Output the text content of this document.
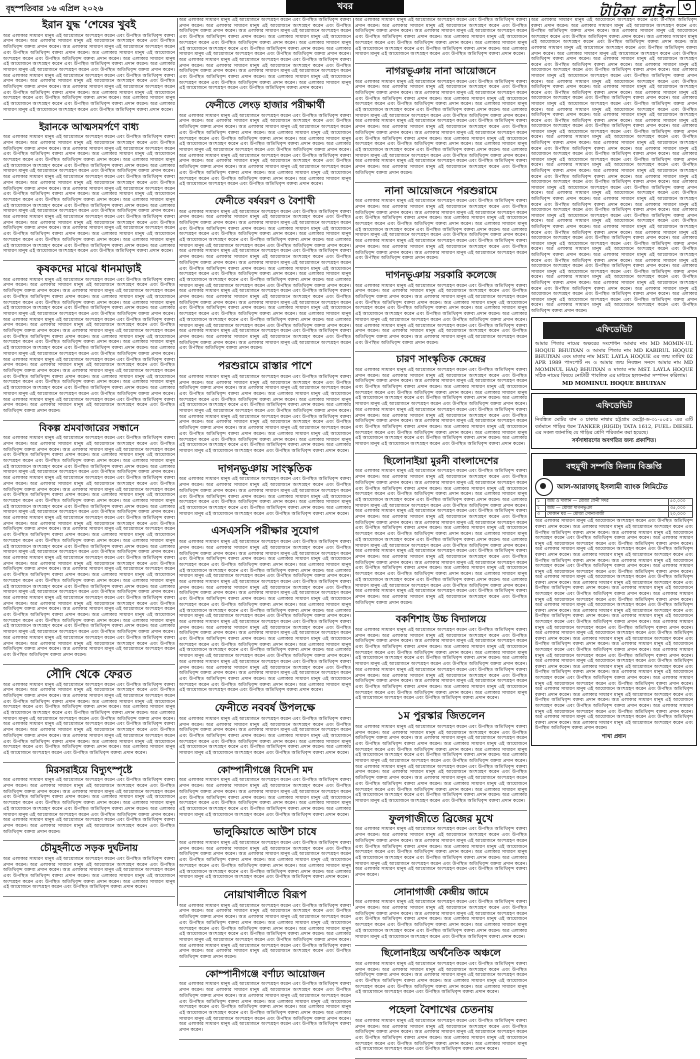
বৃহস্পতিবার ১৬ এপ্রিল ২০২৬	খবর	টাটকা লাইন ৩
ইরান যুদ্ধ ‘শেষের খুবই

অত্র এলাকার সাধারণ মানুষ এই আয়োজনে অংশগ্রহণ করেন এবং উপস্থিত অতিথিবৃন্দ বক্তব্য প্রদান করেন। অত্র এলাকার সাধারণ মানুষ এই আয়োজনে অংশগ্রহণ করেন এবং উপস্থিত অতিথিবৃন্দ বক্তব্য প্রদান করেন। অত্র এলাকার সাধারণ মানুষ এই আয়োজনে অংশগ্রহণ করেন এবং উপস্থিত অতিথিবৃন্দ বক্তব্য প্রদান করেন। অত্র এলাকার সাধারণ মানুষ এই আয়োজনে অংশগ্রহণ করেন এবং উপস্থিত অতিথিবৃন্দ বক্তব্য প্রদান করেন। অত্র এলাকার সাধারণ মানুষ এই আয়োজনে অংশগ্রহণ করেন এবং উপস্থিত অতিথিবৃন্দ বক্তব্য প্রদান করেন। অত্র এলাকার সাধারণ মানুষ এই আয়োজনে অংশগ্রহণ করেন এবং উপস্থিত অতিথিবৃন্দ বক্তব্য প্রদান করেন। অত্র এলাকার সাধারণ মানুষ এই আয়োজনে অংশগ্রহণ করেন এবং উপস্থিত অতিথিবৃন্দ বক্তব্য প্রদান করেন। অত্র এলাকার সাধারণ মানুষ এই আয়োজনে অংশগ্রহণ করেন এবং উপস্থিত অতিথিবৃন্দ বক্তব্য প্রদান করেন। অত্র এলাকার সাধারণ মানুষ এই আয়োজনে অংশগ্রহণ করেন এবং উপস্থিত অতিথিবৃন্দ বক্তব্য প্রদান করেন। অত্র এলাকার সাধারণ মানুষ এই আয়োজনে অংশগ্রহণ করেন এবং উপস্থিত অতিথিবৃন্দ বক্তব্য প্রদান করেন। অত্র এলাকার সাধারণ মানুষ এই আয়োজনে অংশগ্রহণ করেন এবং উপস্থিত অতিথিবৃন্দ বক্তব্য প্রদান করেন। অত্র এলাকার সাধারণ মানুষ এই আয়োজনে অংশগ্রহণ করেন এবং উপস্থিত অতিথিবৃন্দ বক্তব্য প্রদান করেন।

ইরানকে আত্মসমর্পণে বাধ্য

অত্র এলাকার সাধারণ মানুষ এই আয়োজনে অংশগ্রহণ করেন এবং উপস্থিত অতিথিবৃন্দ বক্তব্য প্রদান করেন। অত্র এলাকার সাধারণ মানুষ এই আয়োজনে অংশগ্রহণ করেন এবং উপস্থিত অতিথিবৃন্দ বক্তব্য প্রদান করেন। অত্র এলাকার সাধারণ মানুষ এই আয়োজনে অংশগ্রহণ করেন এবং উপস্থিত অতিথিবৃন্দ বক্তব্য প্রদান করেন। অত্র এলাকার সাধারণ মানুষ এই আয়োজনে অংশগ্রহণ করেন এবং উপস্থিত অতিথিবৃন্দ বক্তব্য প্রদান করেন। অত্র এলাকার সাধারণ মানুষ এই আয়োজনে অংশগ্রহণ করেন এবং উপস্থিত অতিথিবৃন্দ বক্তব্য প্রদান করেন। অত্র এলাকার সাধারণ মানুষ এই আয়োজনে অংশগ্রহণ করেন এবং উপস্থিত অতিথিবৃন্দ বক্তব্য প্রদান করেন। অত্র এলাকার সাধারণ মানুষ এই আয়োজনে অংশগ্রহণ করেন এবং উপস্থিত অতিথিবৃন্দ বক্তব্য প্রদান করেন। অত্র এলাকার সাধারণ মানুষ এই আয়োজনে অংশগ্রহণ করেন এবং উপস্থিত অতিথিবৃন্দ বক্তব্য প্রদান করেন। অত্র এলাকার সাধারণ মানুষ এই আয়োজনে অংশগ্রহণ করেন এবং উপস্থিত অতিথিবৃন্দ বক্তব্য প্রদান করেন। অত্র এলাকার সাধারণ মানুষ এই আয়োজনে অংশগ্রহণ করেন এবং উপস্থিত অতিথিবৃন্দ বক্তব্য প্রদান করেন। অত্র এলাকার সাধারণ মানুষ এই আয়োজনে অংশগ্রহণ করেন এবং উপস্থিত অতিথিবৃন্দ বক্তব্য প্রদান করেন। অত্র এলাকার সাধারণ মানুষ এই আয়োজনে অংশগ্রহণ করেন এবং উপস্থিত অতিথিবৃন্দ বক্তব্য প্রদান করেন। অত্র এলাকার সাধারণ মানুষ এই আয়োজনে অংশগ্রহণ করেন এবং উপস্থিত অতিথিবৃন্দ বক্তব্য প্রদান করেন। অত্র এলাকার সাধারণ মানুষ এই আয়োজনে অংশগ্রহণ করেন এবং উপস্থিত অতিথিবৃন্দ বক্তব্য প্রদান করেন। অত্র এলাকার সাধারণ মানুষ এই আয়োজনে অংশগ্রহণ করেন এবং উপস্থিত অতিথিবৃন্দ বক্তব্য প্রদান করেন। অত্র এলাকার সাধারণ মানুষ এই আয়োজনে অংশগ্রহণ করেন এবং উপস্থিত অতিথিবৃন্দ বক্তব্য প্রদান করেন। অত্র এলাকার সাধারণ মানুষ এই আয়োজনে অংশগ্রহণ করেন এবং উপস্থিত অতিথিবৃন্দ বক্তব্য প্রদান করেন। অত্র এলাকার সাধারণ মানুষ এই আয়োজনে অংশগ্রহণ করেন এবং উপস্থিত অতিথিবৃন্দ বক্তব্য প্রদান করেন।

কৃষকদের মাঝে ধানমাড়াই

অত্র এলাকার সাধারণ মানুষ এই আয়োজনে অংশগ্রহণ করেন এবং উপস্থিত অতিথিবৃন্দ বক্তব্য প্রদান করেন। অত্র এলাকার সাধারণ মানুষ এই আয়োজনে অংশগ্রহণ করেন এবং উপস্থিত অতিথিবৃন্দ বক্তব্য প্রদান করেন। অত্র এলাকার সাধারণ মানুষ এই আয়োজনে অংশগ্রহণ করেন এবং উপস্থিত অতিথিবৃন্দ বক্তব্য প্রদান করেন। অত্র এলাকার সাধারণ মানুষ এই আয়োজনে অংশগ্রহণ করেন এবং উপস্থিত অতিথিবৃন্দ বক্তব্য প্রদান করেন। অত্র এলাকার সাধারণ মানুষ এই আয়োজনে অংশগ্রহণ করেন এবং উপস্থিত অতিথিবৃন্দ বক্তব্য প্রদান করেন। অত্র এলাকার সাধারণ মানুষ এই আয়োজনে অংশগ্রহণ করেন এবং উপস্থিত অতিথিবৃন্দ বক্তব্য প্রদান করেন। অত্র এলাকার সাধারণ মানুষ এই আয়োজনে অংশগ্রহণ করেন এবং উপস্থিত অতিথিবৃন্দ বক্তব্য প্রদান করেন। অত্র এলাকার সাধারণ মানুষ এই আয়োজনে অংশগ্রহণ করেন এবং উপস্থিত অতিথিবৃন্দ বক্তব্য প্রদান করেন। অত্র এলাকার সাধারণ মানুষ এই আয়োজনে অংশগ্রহণ করেন এবং উপস্থিত অতিথিবৃন্দ বক্তব্য প্রদান করেন। অত্র এলাকার সাধারণ মানুষ এই আয়োজনে অংশগ্রহণ করেন এবং উপস্থিত অতিথিবৃন্দ বক্তব্য প্রদান করেন। অত্র এলাকার সাধারণ মানুষ এই আয়োজনে অংশগ্রহণ করেন এবং উপস্থিত অতিথিবৃন্দ বক্তব্য প্রদান করেন। অত্র এলাকার সাধারণ মানুষ এই আয়োজনে অংশগ্রহণ করেন এবং উপস্থিত অতিথিবৃন্দ বক্তব্য প্রদান করেন। অত্র এলাকার সাধারণ মানুষ এই আয়োজনে অংশগ্রহণ করেন এবং উপস্থিত অতিথিবৃন্দ বক্তব্য প্রদান করেন। অত্র এলাকার সাধারণ মানুষ এই আয়োজনে অংশগ্রহণ করেন এবং উপস্থিত অতিথিবৃন্দ বক্তব্য প্রদান করেন। অত্র এলাকার সাধারণ মানুষ এই আয়োজনে অংশগ্রহণ করেন এবং উপস্থিত অতিথিবৃন্দ বক্তব্য প্রদান করেন। অত্র এলাকার সাধারণ মানুষ এই আয়োজনে অংশগ্রহণ করেন এবং উপস্থিত অতিথিবৃন্দ বক্তব্য প্রদান করেন। অত্র এলাকার সাধারণ মানুষ এই আয়োজনে অংশগ্রহণ করেন এবং উপস্থিত অতিথিবৃন্দ বক্তব্য প্রদান করেন। অত্র এলাকার সাধারণ মানুষ এই আয়োজনে অংশগ্রহণ করেন এবং উপস্থিত অতিথিবৃন্দ বক্তব্য প্রদান করেন। অত্র এলাকার সাধারণ মানুষ এই আয়োজনে অংশগ্রহণ করেন এবং উপস্থিত অতিথিবৃন্দ বক্তব্য প্রদান করেন। অত্র এলাকার সাধারণ মানুষ এই আয়োজনে অংশগ্রহণ করেন এবং উপস্থিত অতিথিবৃন্দ বক্তব্য প্রদান করেন।

বিকল্প শ্রমবাজারের সন্ধানে

অত্র এলাকার সাধারণ মানুষ এই আয়োজনে অংশগ্রহণ করেন এবং উপস্থিত অতিথিবৃন্দ বক্তব্য প্রদান করেন। অত্র এলাকার সাধারণ মানুষ এই আয়োজনে অংশগ্রহণ করেন এবং উপস্থিত অতিথিবৃন্দ বক্তব্য প্রদান করেন। অত্র এলাকার সাধারণ মানুষ এই আয়োজনে অংশগ্রহণ করেন এবং উপস্থিত অতিথিবৃন্দ বক্তব্য প্রদান করেন। অত্র এলাকার সাধারণ মানুষ এই আয়োজনে অংশগ্রহণ করেন এবং উপস্থিত অতিথিবৃন্দ বক্তব্য প্রদান করেন। অত্র এলাকার সাধারণ মানুষ এই আয়োজনে অংশগ্রহণ করেন এবং উপস্থিত অতিথিবৃন্দ বক্তব্য প্রদান করেন। অত্র এলাকার সাধারণ মানুষ এই আয়োজনে অংশগ্রহণ করেন এবং উপস্থিত অতিথিবৃন্দ বক্তব্য প্রদান করেন। অত্র এলাকার সাধারণ মানুষ এই আয়োজনে অংশগ্রহণ করেন এবং উপস্থিত অতিথিবৃন্দ বক্তব্য প্রদান করেন। অত্র এলাকার সাধারণ মানুষ এই আয়োজনে অংশগ্রহণ করেন এবং উপস্থিত অতিথিবৃন্দ বক্তব্য প্রদান করেন। অত্র এলাকার সাধারণ মানুষ এই আয়োজনে অংশগ্রহণ করেন এবং উপস্থিত অতিথিবৃন্দ বক্তব্য প্রদান করেন। অত্র এলাকার সাধারণ মানুষ এই আয়োজনে অংশগ্রহণ করেন এবং উপস্থিত অতিথিবৃন্দ বক্তব্য প্রদান করেন। অত্র এলাকার সাধারণ মানুষ এই আয়োজনে অংশগ্রহণ করেন এবং উপস্থিত অতিথিবৃন্দ বক্তব্য প্রদান করেন। অত্র এলাকার সাধারণ মানুষ এই আয়োজনে অংশগ্রহণ করেন এবং উপস্থিত অতিথিবৃন্দ বক্তব্য প্রদান করেন। অত্র এলাকার সাধারণ মানুষ এই আয়োজনে অংশগ্রহণ করেন এবং উপস্থিত অতিথিবৃন্দ বক্তব্য প্রদান করেন। অত্র এলাকার সাধারণ মানুষ এই আয়োজনে অংশগ্রহণ করেন এবং উপস্থিত অতিথিবৃন্দ বক্তব্য প্রদান করেন। অত্র এলাকার সাধারণ মানুষ এই আয়োজনে অংশগ্রহণ করেন এবং উপস্থিত অতিথিবৃন্দ বক্তব্য প্রদান করেন। অত্র এলাকার সাধারণ মানুষ এই আয়োজনে অংশগ্রহণ করেন এবং উপস্থিত অতিথিবৃন্দ বক্তব্য প্রদান করেন। অত্র এলাকার সাধারণ মানুষ এই আয়োজনে অংশগ্রহণ করেন এবং উপস্থিত অতিথিবৃন্দ বক্তব্য প্রদান করেন। অত্র এলাকার সাধারণ মানুষ এই আয়োজনে অংশগ্রহণ করেন এবং উপস্থিত অতিথিবৃন্দ বক্তব্য প্রদান করেন। অত্র এলাকার সাধারণ মানুষ এই আয়োজনে অংশগ্রহণ করেন এবং উপস্থিত অতিথিবৃন্দ বক্তব্য প্রদান করেন। অত্র এলাকার সাধারণ মানুষ এই আয়োজনে অংশগ্রহণ করেন এবং উপস্থিত অতিথিবৃন্দ বক্তব্য প্রদান করেন। অত্র এলাকার সাধারণ মানুষ এই আয়োজনে অংশগ্রহণ করেন এবং উপস্থিত অতিথিবৃন্দ বক্তব্য প্রদান করেন। অত্র এলাকার সাধারণ মানুষ এই আয়োজনে অংশগ্রহণ করেন এবং উপস্থিত অতিথিবৃন্দ বক্তব্য প্রদান করেন। অত্র এলাকার সাধারণ মানুষ এই আয়োজনে অংশগ্রহণ করেন এবং উপস্থিত অতিথিবৃন্দ বক্তব্য প্রদান করেন। অত্র এলাকার সাধারণ মানুষ এই আয়োজনে অংশগ্রহণ করেন এবং উপস্থিত অতিথিবৃন্দ বক্তব্য প্রদান করেন। অত্র এলাকার সাধারণ মানুষ এই আয়োজনে অংশগ্রহণ করেন এবং উপস্থিত অতিথিবৃন্দ বক্তব্য প্রদান করেন। অত্র এলাকার সাধারণ মানুষ এই আয়োজনে অংশগ্রহণ করেন এবং উপস্থিত অতিথিবৃন্দ বক্তব্য প্রদান করেন। অত্র এলাকার সাধারণ মানুষ এই আয়োজনে অংশগ্রহণ করেন এবং উপস্থিত অতিথিবৃন্দ বক্তব্য প্রদান করেন। অত্র এলাকার সাধারণ মানুষ এই আয়োজনে অংশগ্রহণ করেন এবং উপস্থিত অতিথিবৃন্দ বক্তব্য প্রদান করেন। অত্র এলাকার সাধারণ মানুষ এই আয়োজনে অংশগ্রহণ করেন এবং উপস্থিত অতিথিবৃন্দ বক্তব্য প্রদান করেন। অত্র এলাকার সাধারণ মানুষ এই আয়োজনে অংশগ্রহণ করেন এবং উপস্থিত অতিথিবৃন্দ বক্তব্য প্রদান করেন। অত্র এলাকার সাধারণ মানুষ এই আয়োজনে অংশগ্রহণ করেন এবং উপস্থিত অতিথিবৃন্দ বক্তব্য প্রদান করেন। অত্র এলাকার সাধারণ মানুষ এই আয়োজনে অংশগ্রহণ করেন এবং উপস্থিত অতিথিবৃন্দ বক্তব্য প্রদান করেন। অত্র এলাকার সাধারণ মানুষ এই আয়োজনে অংশগ্রহণ করেন এবং উপস্থিত অতিথিবৃন্দ বক্তব্য প্রদান করেন।

সৌদি থেকে ফেরত

অত্র এলাকার সাধারণ মানুষ এই আয়োজনে অংশগ্রহণ করেন এবং উপস্থিত অতিথিবৃন্দ বক্তব্য প্রদান করেন। অত্র এলাকার সাধারণ মানুষ এই আয়োজনে অংশগ্রহণ করেন এবং উপস্থিত অতিথিবৃন্দ বক্তব্য প্রদান করেন। অত্র এলাকার সাধারণ মানুষ এই আয়োজনে অংশগ্রহণ করেন এবং উপস্থিত অতিথিবৃন্দ বক্তব্য প্রদান করেন। অত্র এলাকার সাধারণ মানুষ এই আয়োজনে অংশগ্রহণ করেন এবং উপস্থিত অতিথিবৃন্দ বক্তব্য প্রদান করেন। অত্র এলাকার সাধারণ মানুষ এই আয়োজনে অংশগ্রহণ করেন এবং উপস্থিত অতিথিবৃন্দ বক্তব্য প্রদান করেন। অত্র এলাকার সাধারণ মানুষ এই আয়োজনে অংশগ্রহণ করেন এবং উপস্থিত অতিথিবৃন্দ বক্তব্য প্রদান করেন। অত্র এলাকার সাধারণ মানুষ এই আয়োজনে অংশগ্রহণ করেন এবং উপস্থিত অতিথিবৃন্দ বক্তব্য প্রদান করেন। অত্র এলাকার সাধারণ মানুষ এই আয়োজনে অংশগ্রহণ করেন এবং উপস্থিত অতিথিবৃন্দ বক্তব্য প্রদান করেন। অত্র এলাকার সাধারণ মানুষ এই আয়োজনে অংশগ্রহণ করেন এবং উপস্থিত অতিথিবৃন্দ বক্তব্য প্রদান করেন। অত্র এলাকার সাধারণ মানুষ এই আয়োজনে অংশগ্রহণ করেন এবং উপস্থিত অতিথিবৃন্দ বক্তব্য প্রদান করেন। অত্র এলাকার সাধারণ মানুষ এই আয়োজনে অংশগ্রহণ করেন এবং উপস্থিত অতিথিবৃন্দ বক্তব্য প্রদান করেন।

মিরসরাইয়ে বিদ্যুৎস্পৃষ্টে

অত্র এলাকার সাধারণ মানুষ এই আয়োজনে অংশগ্রহণ করেন এবং উপস্থিত অতিথিবৃন্দ বক্তব্য প্রদান করেন। অত্র এলাকার সাধারণ মানুষ এই আয়োজনে অংশগ্রহণ করেন এবং উপস্থিত অতিথিবৃন্দ বক্তব্য প্রদান করেন। অত্র এলাকার সাধারণ মানুষ এই আয়োজনে অংশগ্রহণ করেন এবং উপস্থিত অতিথিবৃন্দ বক্তব্য প্রদান করেন। অত্র এলাকার সাধারণ মানুষ এই আয়োজনে অংশগ্রহণ করেন এবং উপস্থিত অতিথিবৃন্দ বক্তব্য প্রদান করেন। অত্র এলাকার সাধারণ মানুষ এই আয়োজনে অংশগ্রহণ করেন এবং উপস্থিত অতিথিবৃন্দ বক্তব্য প্রদান করেন। অত্র এলাকার সাধারণ মানুষ এই আয়োজনে অংশগ্রহণ করেন এবং উপস্থিত অতিথিবৃন্দ বক্তব্য প্রদান করেন। অত্র এলাকার সাধারণ মানুষ এই আয়োজনে অংশগ্রহণ করেন এবং উপস্থিত অতিথিবৃন্দ বক্তব্য প্রদান করেন। অত্র এলাকার সাধারণ মানুষ এই আয়োজনে অংশগ্রহণ করেন এবং উপস্থিত অতিথিবৃন্দ বক্তব্য প্রদান করেন।

চৌমুহনীতে সড়ক দুর্ঘটনায়

অত্র এলাকার সাধারণ মানুষ এই আয়োজনে অংশগ্রহণ করেন এবং উপস্থিত অতিথিবৃন্দ বক্তব্য প্রদান করেন। অত্র এলাকার সাধারণ মানুষ এই আয়োজনে অংশগ্রহণ করেন এবং উপস্থিত অতিথিবৃন্দ বক্তব্য প্রদান করেন। অত্র এলাকার সাধারণ মানুষ এই আয়োজনে অংশগ্রহণ করেন এবং উপস্থিত অতিথিবৃন্দ বক্তব্য প্রদান করেন। অত্র এলাকার সাধারণ মানুষ এই আয়োজনে অংশগ্রহণ করেন এবং উপস্থিত অতিথিবৃন্দ বক্তব্য প্রদান করেন। অত্র এলাকার সাধারণ মানুষ এই আয়োজনে অংশগ্রহণ করেন এবং উপস্থিত অতিথিবৃন্দ বক্তব্য প্রদান করেন।

অত্র এলাকার সাধারণ মানুষ এই আয়োজনে অংশগ্রহণ করেন এবং উপস্থিত অতিথিবৃন্দ বক্তব্য প্রদান করেন। অত্র এলাকার সাধারণ মানুষ এই আয়োজনে অংশগ্রহণ করেন এবং উপস্থিত অতিথিবৃন্দ বক্তব্য প্রদান করেন। অত্র এলাকার সাধারণ মানুষ এই আয়োজনে অংশগ্রহণ করেন এবং উপস্থিত অতিথিবৃন্দ বক্তব্য প্রদান করেন। অত্র এলাকার সাধারণ মানুষ এই আয়োজনে অংশগ্রহণ করেন এবং উপস্থিত অতিথিবৃন্দ বক্তব্য প্রদান করেন। অত্র এলাকার সাধারণ মানুষ এই আয়োজনে অংশগ্রহণ করেন এবং উপস্থিত অতিথিবৃন্দ বক্তব্য প্রদান করেন। অত্র এলাকার সাধারণ মানুষ এই আয়োজনে অংশগ্রহণ করেন এবং উপস্থিত অতিথিবৃন্দ বক্তব্য প্রদান করেন। অত্র এলাকার সাধারণ মানুষ এই আয়োজনে অংশগ্রহণ করেন এবং উপস্থিত অতিথিবৃন্দ বক্তব্য প্রদান করেন। অত্র এলাকার সাধারণ মানুষ এই আয়োজনে অংশগ্রহণ করেন এবং উপস্থিত অতিথিবৃন্দ বক্তব্য প্রদান করেন। অত্র এলাকার সাধারণ মানুষ এই আয়োজনে অংশগ্রহণ করেন এবং উপস্থিত অতিথিবৃন্দ বক্তব্য প্রদান করেন। অত্র এলাকার সাধারণ মানুষ এই আয়োজনে অংশগ্রহণ করেন এবং উপস্থিত অতিথিবৃন্দ বক্তব্য প্রদান করেন। অত্র এলাকার সাধারণ মানুষ এই আয়োজনে অংশগ্রহণ করেন এবং উপস্থিত অতিথিবৃন্দ বক্তব্য প্রদান করেন।

ফেনীতে লেংড় হাজার পরীক্ষার্থী

অত্র এলাকার সাধারণ মানুষ এই আয়োজনে অংশগ্রহণ করেন এবং উপস্থিত অতিথিবৃন্দ বক্তব্য প্রদান করেন। অত্র এলাকার সাধারণ মানুষ এই আয়োজনে অংশগ্রহণ করেন এবং উপস্থিত অতিথিবৃন্দ বক্তব্য প্রদান করেন। অত্র এলাকার সাধারণ মানুষ এই আয়োজনে অংশগ্রহণ করেন এবং উপস্থিত অতিথিবৃন্দ বক্তব্য প্রদান করেন। অত্র এলাকার সাধারণ মানুষ এই আয়োজনে অংশগ্রহণ করেন এবং উপস্থিত অতিথিবৃন্দ বক্তব্য প্রদান করেন। অত্র এলাকার সাধারণ মানুষ এই আয়োজনে অংশগ্রহণ করেন এবং উপস্থিত অতিথিবৃন্দ বক্তব্য প্রদান করেন। অত্র এলাকার সাধারণ মানুষ এই আয়োজনে অংশগ্রহণ করেন এবং উপস্থিত অতিথিবৃন্দ বক্তব্য প্রদান করেন। অত্র এলাকার সাধারণ মানুষ এই আয়োজনে অংশগ্রহণ করেন এবং উপস্থিত অতিথিবৃন্দ বক্তব্য প্রদান করেন। অত্র এলাকার সাধারণ মানুষ এই আয়োজনে অংশগ্রহণ করেন এবং উপস্থিত অতিথিবৃন্দ বক্তব্য প্রদান করেন। অত্র এলাকার সাধারণ মানুষ এই আয়োজনে অংশগ্রহণ করেন এবং উপস্থিত অতিথিবৃন্দ বক্তব্য প্রদান করেন। অত্র এলাকার সাধারণ মানুষ এই আয়োজনে অংশগ্রহণ করেন এবং উপস্থিত অতিথিবৃন্দ বক্তব্য প্রদান করেন। অত্র এলাকার সাধারণ মানুষ এই আয়োজনে অংশগ্রহণ করেন এবং উপস্থিত অতিথিবৃন্দ বক্তব্য প্রদান করেন।

ফেনীতে বর্ষবরণ ও বৈশাখী

অত্র এলাকার সাধারণ মানুষ এই আয়োজনে অংশগ্রহণ করেন এবং উপস্থিত অতিথিবৃন্দ বক্তব্য প্রদান করেন। অত্র এলাকার সাধারণ মানুষ এই আয়োজনে অংশগ্রহণ করেন এবং উপস্থিত অতিথিবৃন্দ বক্তব্য প্রদান করেন। অত্র এলাকার সাধারণ মানুষ এই আয়োজনে অংশগ্রহণ করেন এবং উপস্থিত অতিথিবৃন্দ বক্তব্য প্রদান করেন। অত্র এলাকার সাধারণ মানুষ এই আয়োজনে অংশগ্রহণ করেন এবং উপস্থিত অতিথিবৃন্দ বক্তব্য প্রদান করেন। অত্র এলাকার সাধারণ মানুষ এই আয়োজনে অংশগ্রহণ করেন এবং উপস্থিত অতিথিবৃন্দ বক্তব্য প্রদান করেন। অত্র এলাকার সাধারণ মানুষ এই আয়োজনে অংশগ্রহণ করেন এবং উপস্থিত অতিথিবৃন্দ বক্তব্য প্রদান করেন। অত্র এলাকার সাধারণ মানুষ এই আয়োজনে অংশগ্রহণ করেন এবং উপস্থিত অতিথিবৃন্দ বক্তব্য প্রদান করেন। অত্র এলাকার সাধারণ মানুষ এই আয়োজনে অংশগ্রহণ করেন এবং উপস্থিত অতিথিবৃন্দ বক্তব্য প্রদান করেন। অত্র এলাকার সাধারণ মানুষ এই আয়োজনে অংশগ্রহণ করেন এবং উপস্থিত অতিথিবৃন্দ বক্তব্য প্রদান করেন। অত্র এলাকার সাধারণ মানুষ এই আয়োজনে অংশগ্রহণ করেন এবং উপস্থিত অতিথিবৃন্দ বক্তব্য প্রদান করেন। অত্র এলাকার সাধারণ মানুষ এই আয়োজনে অংশগ্রহণ করেন এবং উপস্থিত অতিথিবৃন্দ বক্তব্য প্রদান করেন। অত্র এলাকার সাধারণ মানুষ এই আয়োজনে অংশগ্রহণ করেন এবং উপস্থিত অতিথিবৃন্দ বক্তব্য প্রদান করেন। অত্র এলাকার সাধারণ মানুষ এই আয়োজনে অংশগ্রহণ করেন এবং উপস্থিত অতিথিবৃন্দ বক্তব্য প্রদান করেন। অত্র এলাকার সাধারণ মানুষ এই আয়োজনে অংশগ্রহণ করেন এবং উপস্থিত অতিথিবৃন্দ বক্তব্য প্রদান করেন। অত্র এলাকার সাধারণ মানুষ এই আয়োজনে অংশগ্রহণ করেন এবং উপস্থিত অতিথিবৃন্দ বক্তব্য প্রদান করেন। অত্র এলাকার সাধারণ মানুষ এই আয়োজনে অংশগ্রহণ করেন এবং উপস্থিত অতিথিবৃন্দ বক্তব্য প্রদান করেন। অত্র এলাকার সাধারণ মানুষ এই আয়োজনে অংশগ্রহণ করেন এবং উপস্থিত অতিথিবৃন্দ বক্তব্য প্রদান করেন। অত্র এলাকার সাধারণ মানুষ এই আয়োজনে অংশগ্রহণ করেন এবং উপস্থিত অতিথিবৃন্দ বক্তব্য প্রদান করেন। অত্র এলাকার সাধারণ মানুষ এই আয়োজনে অংশগ্রহণ করেন এবং উপস্থিত অতিথিবৃন্দ বক্তব্য প্রদান করেন। অত্র এলাকার সাধারণ মানুষ এই আয়োজনে অংশগ্রহণ করেন এবং উপস্থিত অতিথিবৃন্দ বক্তব্য প্রদান করেন। অত্র এলাকার সাধারণ মানুষ এই আয়োজনে অংশগ্রহণ করেন এবং উপস্থিত অতিথিবৃন্দ বক্তব্য প্রদান করেন।

পরশুরামে রাস্তার পাশে

অত্র এলাকার সাধারণ মানুষ এই আয়োজনে অংশগ্রহণ করেন এবং উপস্থিত অতিথিবৃন্দ বক্তব্য প্রদান করেন। অত্র এলাকার সাধারণ মানুষ এই আয়োজনে অংশগ্রহণ করেন এবং উপস্থিত অতিথিবৃন্দ বক্তব্য প্রদান করেন। অত্র এলাকার সাধারণ মানুষ এই আয়োজনে অংশগ্রহণ করেন এবং উপস্থিত অতিথিবৃন্দ বক্তব্য প্রদান করেন। অত্র এলাকার সাধারণ মানুষ এই আয়োজনে অংশগ্রহণ করেন এবং উপস্থিত অতিথিবৃন্দ বক্তব্য প্রদান করেন। অত্র এলাকার সাধারণ মানুষ এই আয়োজনে অংশগ্রহণ করেন এবং উপস্থিত অতিথিবৃন্দ বক্তব্য প্রদান করেন। অত্র এলাকার সাধারণ মানুষ এই আয়োজনে অংশগ্রহণ করেন এবং উপস্থিত অতিথিবৃন্দ বক্তব্য প্রদান করেন। অত্র এলাকার সাধারণ মানুষ এই আয়োজনে অংশগ্রহণ করেন এবং উপস্থিত অতিথিবৃন্দ বক্তব্য প্রদান করেন। অত্র এলাকার সাধারণ মানুষ এই আয়োজনে অংশগ্রহণ করেন এবং উপস্থিত অতিথিবৃন্দ বক্তব্য প্রদান করেন। অত্র এলাকার সাধারণ মানুষ এই আয়োজনে অংশগ্রহণ করেন এবং উপস্থিত অতিথিবৃন্দ বক্তব্য প্রদান করেন। অত্র এলাকার সাধারণ মানুষ এই আয়োজনে অংশগ্রহণ করেন এবং উপস্থিত অতিথিবৃন্দ বক্তব্য প্রদান করেন। অত্র এলাকার সাধারণ মানুষ এই আয়োজনে অংশগ্রহণ করেন এবং উপস্থিত অতিথিবৃন্দ বক্তব্য প্রদান করেন। অত্র এলাকার সাধারণ মানুষ এই আয়োজনে অংশগ্রহণ করেন এবং উপস্থিত অতিথিবৃন্দ বক্তব্য প্রদান করেন।

দাগনভূঞায় সাংস্কৃতিক

অত্র এলাকার সাধারণ মানুষ এই আয়োজনে অংশগ্রহণ করেন এবং উপস্থিত অতিথিবৃন্দ বক্তব্য প্রদান করেন। অত্র এলাকার সাধারণ মানুষ এই আয়োজনে অংশগ্রহণ করেন এবং উপস্থিত অতিথিবৃন্দ বক্তব্য প্রদান করেন। অত্র এলাকার সাধারণ মানুষ এই আয়োজনে অংশগ্রহণ করেন এবং উপস্থিত অতিথিবৃন্দ বক্তব্য প্রদান করেন। অত্র এলাকার সাধারণ মানুষ এই আয়োজনে অংশগ্রহণ করেন এবং উপস্থিত অতিথিবৃন্দ বক্তব্য প্রদান করেন। অত্র এলাকার সাধারণ মানুষ এই আয়োজনে অংশগ্রহণ করেন এবং উপস্থিত অতিথিবৃন্দ বক্তব্য প্রদান করেন। অত্র এলাকার সাধারণ মানুষ এই আয়োজনে অংশগ্রহণ করেন এবং উপস্থিত অতিথিবৃন্দ বক্তব্য প্রদান করেন।

এসএসসি পরীক্ষার সুযোগ

অত্র এলাকার সাধারণ মানুষ এই আয়োজনে অংশগ্রহণ করেন এবং উপস্থিত অতিথিবৃন্দ বক্তব্য প্রদান করেন। অত্র এলাকার সাধারণ মানুষ এই আয়োজনে অংশগ্রহণ করেন এবং উপস্থিত অতিথিবৃন্দ বক্তব্য প্রদান করেন। অত্র এলাকার সাধারণ মানুষ এই আয়োজনে অংশগ্রহণ করেন এবং উপস্থিত অতিথিবৃন্দ বক্তব্য প্রদান করেন। অত্র এলাকার সাধারণ মানুষ এই আয়োজনে অংশগ্রহণ করেন এবং উপস্থিত অতিথিবৃন্দ বক্তব্য প্রদান করেন। অত্র এলাকার সাধারণ মানুষ এই আয়োজনে অংশগ্রহণ করেন এবং উপস্থিত অতিথিবৃন্দ বক্তব্য প্রদান করেন। অত্র এলাকার সাধারণ মানুষ এই আয়োজনে অংশগ্রহণ করেন এবং উপস্থিত অতিথিবৃন্দ বক্তব্য প্রদান করেন। অত্র এলাকার সাধারণ মানুষ এই আয়োজনে অংশগ্রহণ করেন এবং উপস্থিত অতিথিবৃন্দ বক্তব্য প্রদান করেন। অত্র এলাকার সাধারণ মানুষ এই আয়োজনে অংশগ্রহণ করেন এবং উপস্থিত অতিথিবৃন্দ বক্তব্য প্রদান করেন। অত্র এলাকার সাধারণ মানুষ এই আয়োজনে অংশগ্রহণ করেন এবং উপস্থিত অতিথিবৃন্দ বক্তব্য প্রদান করেন। অত্র এলাকার সাধারণ মানুষ এই আয়োজনে অংশগ্রহণ করেন এবং উপস্থিত অতিথিবৃন্দ বক্তব্য প্রদান করেন। অত্র এলাকার সাধারণ মানুষ এই আয়োজনে অংশগ্রহণ করেন এবং উপস্থিত অতিথিবৃন্দ বক্তব্য প্রদান করেন। অত্র এলাকার সাধারণ মানুষ এই আয়োজনে অংশগ্রহণ করেন এবং উপস্থিত অতিথিবৃন্দ বক্তব্য প্রদান করেন। অত্র এলাকার সাধারণ মানুষ এই আয়োজনে অংশগ্রহণ করেন এবং উপস্থিত অতিথিবৃন্দ বক্তব্য প্রদান করেন। অত্র এলাকার সাধারণ মানুষ এই আয়োজনে অংশগ্রহণ করেন এবং উপস্থিত অতিথিবৃন্দ বক্তব্য প্রদান করেন। অত্র এলাকার সাধারণ মানুষ এই আয়োজনে অংশগ্রহণ করেন এবং উপস্থিত অতিথিবৃন্দ বক্তব্য প্রদান করেন। অত্র এলাকার সাধারণ মানুষ এই আয়োজনে অংশগ্রহণ করেন এবং উপস্থিত অতিথিবৃন্দ বক্তব্য প্রদান করেন। অত্র এলাকার সাধারণ মানুষ এই আয়োজনে অংশগ্রহণ করেন এবং উপস্থিত অতিথিবৃন্দ বক্তব্য প্রদান করেন। অত্র এলাকার সাধারণ মানুষ এই আয়োজনে অংশগ্রহণ করেন এবং উপস্থিত অতিথিবৃন্দ বক্তব্য প্রদান করেন। অত্র এলাকার সাধারণ মানুষ এই আয়োজনে অংশগ্রহণ করেন এবং উপস্থিত অতিথিবৃন্দ বক্তব্য প্রদান করেন। অত্র এলাকার সাধারণ মানুষ এই আয়োজনে অংশগ্রহণ করেন এবং উপস্থিত অতিথিবৃন্দ বক্তব্য প্রদান করেন। অত্র এলাকার সাধারণ মানুষ এই আয়োজনে অংশগ্রহণ করেন এবং উপস্থিত অতিথিবৃন্দ বক্তব্য প্রদান করেন। অত্র এলাকার সাধারণ মানুষ এই আয়োজনে অংশগ্রহণ করেন এবং উপস্থিত অতিথিবৃন্দ বক্তব্য প্রদান করেন। অত্র এলাকার সাধারণ মানুষ এই আয়োজনে অংশগ্রহণ করেন এবং উপস্থিত অতিথিবৃন্দ বক্তব্য প্রদান করেন।

ফেনীতে নববর্ষ উপলক্ষে

অত্র এলাকার সাধারণ মানুষ এই আয়োজনে অংশগ্রহণ করেন এবং উপস্থিত অতিথিবৃন্দ বক্তব্য প্রদান করেন। অত্র এলাকার সাধারণ মানুষ এই আয়োজনে অংশগ্রহণ করেন এবং উপস্থিত অতিথিবৃন্দ বক্তব্য প্রদান করেন। অত্র এলাকার সাধারণ মানুষ এই আয়োজনে অংশগ্রহণ করেন এবং উপস্থিত অতিথিবৃন্দ বক্তব্য প্রদান করেন। অত্র এলাকার সাধারণ মানুষ এই আয়োজনে অংশগ্রহণ করেন এবং উপস্থিত অতিথিবৃন্দ বক্তব্য প্রদান করেন। অত্র এলাকার সাধারণ মানুষ এই আয়োজনে অংশগ্রহণ করেন এবং উপস্থিত অতিথিবৃন্দ বক্তব্য প্রদান করেন। অত্র এলাকার সাধারণ মানুষ এই আয়োজনে অংশগ্রহণ করেন এবং উপস্থিত অতিথিবৃন্দ বক্তব্য প্রদান করেন।

কোম্পানীগঞ্জে বিদেশি মদ

অত্র এলাকার সাধারণ মানুষ এই আয়োজনে অংশগ্রহণ করেন এবং উপস্থিত অতিথিবৃন্দ বক্তব্য প্রদান করেন। অত্র এলাকার সাধারণ মানুষ এই আয়োজনে অংশগ্রহণ করেন এবং উপস্থিত অতিথিবৃন্দ বক্তব্য প্রদান করেন। অত্র এলাকার সাধারণ মানুষ এই আয়োজনে অংশগ্রহণ করেন এবং উপস্থিত অতিথিবৃন্দ বক্তব্য প্রদান করেন। অত্র এলাকার সাধারণ মানুষ এই আয়োজনে অংশগ্রহণ করেন এবং উপস্থিত অতিথিবৃন্দ বক্তব্য প্রদান করেন। অত্র এলাকার সাধারণ মানুষ এই আয়োজনে অংশগ্রহণ করেন এবং উপস্থিত অতিথিবৃন্দ বক্তব্য প্রদান করেন। অত্র এলাকার সাধারণ মানুষ এই আয়োজনে অংশগ্রহণ করেন এবং উপস্থিত অতিথিবৃন্দ বক্তব্য প্রদান করেন।

ভালুকিয়াতে আউশ চাষে

অত্র এলাকার সাধারণ মানুষ এই আয়োজনে অংশগ্রহণ করেন এবং উপস্থিত অতিথিবৃন্দ বক্তব্য প্রদান করেন। অত্র এলাকার সাধারণ মানুষ এই আয়োজনে অংশগ্রহণ করেন এবং উপস্থিত অতিথিবৃন্দ বক্তব্য প্রদান করেন। অত্র এলাকার সাধারণ মানুষ এই আয়োজনে অংশগ্রহণ করেন এবং উপস্থিত অতিথিবৃন্দ বক্তব্য প্রদান করেন। অত্র এলাকার সাধারণ মানুষ এই আয়োজনে অংশগ্রহণ করেন এবং উপস্থিত অতিথিবৃন্দ বক্তব্য প্রদান করেন। অত্র এলাকার সাধারণ মানুষ এই আয়োজনে অংশগ্রহণ করেন এবং উপস্থিত অতিথিবৃন্দ বক্তব্য প্রদান করেন। অত্র এলাকার সাধারণ মানুষ এই আয়োজনে অংশগ্রহণ করেন এবং উপস্থিত অতিথিবৃন্দ বক্তব্য প্রদান করেন।

নোয়াখালীতে বিরূপ

অত্র এলাকার সাধারণ মানুষ এই আয়োজনে অংশগ্রহণ করেন এবং উপস্থিত অতিথিবৃন্দ বক্তব্য প্রদান করেন। অত্র এলাকার সাধারণ মানুষ এই আয়োজনে অংশগ্রহণ করেন এবং উপস্থিত অতিথিবৃন্দ বক্তব্য প্রদান করেন। অত্র এলাকার সাধারণ মানুষ এই আয়োজনে অংশগ্রহণ করেন এবং উপস্থিত অতিথিবৃন্দ বক্তব্য প্রদান করেন। অত্র এলাকার সাধারণ মানুষ এই আয়োজনে অংশগ্রহণ করেন এবং উপস্থিত অতিথিবৃন্দ বক্তব্য প্রদান করেন। অত্র এলাকার সাধারণ মানুষ এই আয়োজনে অংশগ্রহণ করেন এবং উপস্থিত অতিথিবৃন্দ বক্তব্য প্রদান করেন। অত্র এলাকার সাধারণ মানুষ এই আয়োজনে অংশগ্রহণ করেন এবং উপস্থিত অতিথিবৃন্দ বক্তব্য প্রদান করেন। অত্র এলাকার সাধারণ মানুষ এই আয়োজনে অংশগ্রহণ করেন এবং উপস্থিত অতিথিবৃন্দ বক্তব্য প্রদান করেন। অত্র এলাকার সাধারণ মানুষ এই আয়োজনে অংশগ্রহণ করেন এবং উপস্থিত অতিথিবৃন্দ বক্তব্য প্রদান করেন।

কোম্পানীগঞ্জে বর্ণাঢ্য আয়োজন

অত্র এলাকার সাধারণ মানুষ এই আয়োজনে অংশগ্রহণ করেন এবং উপস্থিত অতিথিবৃন্দ বক্তব্য প্রদান করেন। অত্র এলাকার সাধারণ মানুষ এই আয়োজনে অংশগ্রহণ করেন এবং উপস্থিত অতিথিবৃন্দ বক্তব্য প্রদান করেন। অত্র এলাকার সাধারণ মানুষ এই আয়োজনে অংশগ্রহণ করেন এবং উপস্থিত অতিথিবৃন্দ বক্তব্য প্রদান করেন। অত্র এলাকার সাধারণ মানুষ এই আয়োজনে অংশগ্রহণ করেন এবং উপস্থিত অতিথিবৃন্দ বক্তব্য প্রদান করেন। অত্র এলাকার সাধারণ মানুষ এই আয়োজনে অংশগ্রহণ করেন এবং উপস্থিত অতিথিবৃন্দ বক্তব্য প্রদান করেন। অত্র এলাকার সাধারণ মানুষ এই আয়োজনে অংশগ্রহণ করেন এবং উপস্থিত অতিথিবৃন্দ বক্তব্য প্রদান করেন। অত্র এলাকার সাধারণ মানুষ এই আয়োজনে অংশগ্রহণ করেন এবং উপস্থিত অতিথিবৃন্দ বক্তব্য প্রদান করেন।

অত্র এলাকার সাধারণ মানুষ এই আয়োজনে অংশগ্রহণ করেন এবং উপস্থিত অতিথিবৃন্দ বক্তব্য প্রদান করেন। অত্র এলাকার সাধারণ মানুষ এই আয়োজনে অংশগ্রহণ করেন এবং উপস্থিত অতিথিবৃন্দ বক্তব্য প্রদান করেন। অত্র এলাকার সাধারণ মানুষ এই আয়োজনে অংশগ্রহণ করেন এবং উপস্থিত অতিথিবৃন্দ বক্তব্য প্রদান করেন। অত্র এলাকার সাধারণ মানুষ এই আয়োজনে অংশগ্রহণ করেন এবং উপস্থিত অতিথিবৃন্দ বক্তব্য প্রদান করেন। অত্র এলাকার সাধারণ মানুষ এই আয়োজনে অংশগ্রহণ করেন এবং উপস্থিত অতিথিবৃন্দ বক্তব্য প্রদান করেন। অত্র এলাকার সাধারণ মানুষ এই আয়োজনে অংশগ্রহণ করেন এবং উপস্থিত অতিথিবৃন্দ বক্তব্য প্রদান করেন।

নাগরভূঞায় নানা আয়োজনে

অত্র এলাকার সাধারণ মানুষ এই আয়োজনে অংশগ্রহণ করেন এবং উপস্থিত অতিথিবৃন্দ বক্তব্য প্রদান করেন। অত্র এলাকার সাধারণ মানুষ এই আয়োজনে অংশগ্রহণ করেন এবং উপস্থিত অতিথিবৃন্দ বক্তব্য প্রদান করেন। অত্র এলাকার সাধারণ মানুষ এই আয়োজনে অংশগ্রহণ করেন এবং উপস্থিত অতিথিবৃন্দ বক্তব্য প্রদান করেন। অত্র এলাকার সাধারণ মানুষ এই আয়োজনে অংশগ্রহণ করেন এবং উপস্থিত অতিথিবৃন্দ বক্তব্য প্রদান করেন। অত্র এলাকার সাধারণ মানুষ এই আয়োজনে অংশগ্রহণ করেন এবং উপস্থিত অতিথিবৃন্দ বক্তব্য প্রদান করেন। অত্র এলাকার সাধারণ মানুষ এই আয়োজনে অংশগ্রহণ করেন এবং উপস্থিত অতিথিবৃন্দ বক্তব্য প্রদান করেন। অত্র এলাকার সাধারণ মানুষ এই আয়োজনে অংশগ্রহণ করেন এবং উপস্থিত অতিথিবৃন্দ বক্তব্য প্রদান করেন। অত্র এলাকার সাধারণ মানুষ এই আয়োজনে অংশগ্রহণ করেন এবং উপস্থিত অতিথিবৃন্দ বক্তব্য প্রদান করেন। অত্র এলাকার সাধারণ মানুষ এই আয়োজনে অংশগ্রহণ করেন এবং উপস্থিত অতিথিবৃন্দ বক্তব্য প্রদান করেন। অত্র এলাকার সাধারণ মানুষ এই আয়োজনে অংশগ্রহণ করেন এবং উপস্থিত অতিথিবৃন্দ বক্তব্য প্রদান করেন। অত্র এলাকার সাধারণ মানুষ এই আয়োজনে অংশগ্রহণ করেন এবং উপস্থিত অতিথিবৃন্দ বক্তব্য প্রদান করেন। অত্র এলাকার সাধারণ মানুষ এই আয়োজনে অংশগ্রহণ করেন এবং উপস্থিত অতিথিবৃন্দ বক্তব্য প্রদান করেন। অত্র এলাকার সাধারণ মানুষ এই আয়োজনে অংশগ্রহণ করেন এবং উপস্থিত অতিথিবৃন্দ বক্তব্য প্রদান করেন। অত্র এলাকার সাধারণ মানুষ এই আয়োজনে অংশগ্রহণ করেন এবং উপস্থিত অতিথিবৃন্দ বক্তব্য প্রদান করেন।

নানা আয়োজনে পরশুরামে

অত্র এলাকার সাধারণ মানুষ এই আয়োজনে অংশগ্রহণ করেন এবং উপস্থিত অতিথিবৃন্দ বক্তব্য প্রদান করেন। অত্র এলাকার সাধারণ মানুষ এই আয়োজনে অংশগ্রহণ করেন এবং উপস্থিত অতিথিবৃন্দ বক্তব্য প্রদান করেন। অত্র এলাকার সাধারণ মানুষ এই আয়োজনে অংশগ্রহণ করেন এবং উপস্থিত অতিথিবৃন্দ বক্তব্য প্রদান করেন। অত্র এলাকার সাধারণ মানুষ এই আয়োজনে অংশগ্রহণ করেন এবং উপস্থিত অতিথিবৃন্দ বক্তব্য প্রদান করেন। অত্র এলাকার সাধারণ মানুষ এই আয়োজনে অংশগ্রহণ করেন এবং উপস্থিত অতিথিবৃন্দ বক্তব্য প্রদান করেন। অত্র এলাকার সাধারণ মানুষ এই আয়োজনে অংশগ্রহণ করেন এবং উপস্থিত অতিথিবৃন্দ বক্তব্য প্রদান করেন। অত্র এলাকার সাধারণ মানুষ এই আয়োজনে অংশগ্রহণ করেন এবং উপস্থিত অতিথিবৃন্দ বক্তব্য প্রদান করেন। অত্র এলাকার সাধারণ মানুষ এই আয়োজনে অংশগ্রহণ করেন এবং উপস্থিত অতিথিবৃন্দ বক্তব্য প্রদান করেন। অত্র এলাকার সাধারণ মানুষ এই আয়োজনে অংশগ্রহণ করেন এবং উপস্থিত অতিথিবৃন্দ বক্তব্য প্রদান করেন।

দাগনভূঞায় সরকারি কলেজে

অত্র এলাকার সাধারণ মানুষ এই আয়োজনে অংশগ্রহণ করেন এবং উপস্থিত অতিথিবৃন্দ বক্তব্য প্রদান করেন। অত্র এলাকার সাধারণ মানুষ এই আয়োজনে অংশগ্রহণ করেন এবং উপস্থিত অতিথিবৃন্দ বক্তব্য প্রদান করেন। অত্র এলাকার সাধারণ মানুষ এই আয়োজনে অংশগ্রহণ করেন এবং উপস্থিত অতিথিবৃন্দ বক্তব্য প্রদান করেন। অত্র এলাকার সাধারণ মানুষ এই আয়োজনে অংশগ্রহণ করেন এবং উপস্থিত অতিথিবৃন্দ বক্তব্য প্রদান করেন। অত্র এলাকার সাধারণ মানুষ এই আয়োজনে অংশগ্রহণ করেন এবং উপস্থিত অতিথিবৃন্দ বক্তব্য প্রদান করেন। অত্র এলাকার সাধারণ মানুষ এই আয়োজনে অংশগ্রহণ করেন এবং উপস্থিত অতিথিবৃন্দ বক্তব্য প্রদান করেন। অত্র এলাকার সাধারণ মানুষ এই আয়োজনে অংশগ্রহণ করেন এবং উপস্থিত অতিথিবৃন্দ বক্তব্য প্রদান করেন। অত্র এলাকার সাধারণ মানুষ এই আয়োজনে অংশগ্রহণ করেন এবং উপস্থিত অতিথিবৃন্দ বক্তব্য প্রদান করেন। অত্র এলাকার সাধারণ মানুষ এই আয়োজনে অংশগ্রহণ করেন এবং উপস্থিত অতিথিবৃন্দ বক্তব্য প্রদান করেন।

চারণ সাংস্কৃতিক কেন্দ্রের

অত্র এলাকার সাধারণ মানুষ এই আয়োজনে অংশগ্রহণ করেন এবং উপস্থিত অতিথিবৃন্দ বক্তব্য প্রদান করেন। অত্র এলাকার সাধারণ মানুষ এই আয়োজনে অংশগ্রহণ করেন এবং উপস্থিত অতিথিবৃন্দ বক্তব্য প্রদান করেন। অত্র এলাকার সাধারণ মানুষ এই আয়োজনে অংশগ্রহণ করেন এবং উপস্থিত অতিথিবৃন্দ বক্তব্য প্রদান করেন। অত্র এলাকার সাধারণ মানুষ এই আয়োজনে অংশগ্রহণ করেন এবং উপস্থিত অতিথিবৃন্দ বক্তব্য প্রদান করেন। অত্র এলাকার সাধারণ মানুষ এই আয়োজনে অংশগ্রহণ করেন এবং উপস্থিত অতিথিবৃন্দ বক্তব্য প্রদান করেন। অত্র এলাকার সাধারণ মানুষ এই আয়োজনে অংশগ্রহণ করেন এবং উপস্থিত অতিথিবৃন্দ বক্তব্য প্রদান করেন। অত্র এলাকার সাধারণ মানুষ এই আয়োজনে অংশগ্রহণ করেন এবং উপস্থিত অতিথিবৃন্দ বক্তব্য প্রদান করেন। অত্র এলাকার সাধারণ মানুষ এই আয়োজনে অংশগ্রহণ করেন এবং উপস্থিত অতিথিবৃন্দ বক্তব্য প্রদান করেন। অত্র এলাকার সাধারণ মানুষ এই আয়োজনে অংশগ্রহণ করেন এবং উপস্থিত অতিথিবৃন্দ বক্তব্য প্রদান করেন। অত্র এলাকার সাধারণ মানুষ এই আয়োজনে অংশগ্রহণ করেন এবং উপস্থিত অতিথিবৃন্দ বক্তব্য প্রদান করেন। অত্র এলাকার সাধারণ মানুষ এই আয়োজনে অংশগ্রহণ করেন এবং উপস্থিত অতিথিবৃন্দ বক্তব্য প্রদান করেন। অত্র এলাকার সাধারণ মানুষ এই আয়োজনে অংশগ্রহণ করেন এবং উপস্থিত অতিথিবৃন্দ বক্তব্য প্রদান করেন।

ছিলোনাইয়া মুরনী বাংলাদেশের

অত্র এলাকার সাধারণ মানুষ এই আয়োজনে অংশগ্রহণ করেন এবং উপস্থিত অতিথিবৃন্দ বক্তব্য প্রদান করেন। অত্র এলাকার সাধারণ মানুষ এই আয়োজনে অংশগ্রহণ করেন এবং উপস্থিত অতিথিবৃন্দ বক্তব্য প্রদান করেন। অত্র এলাকার সাধারণ মানুষ এই আয়োজনে অংশগ্রহণ করেন এবং উপস্থিত অতিথিবৃন্দ বক্তব্য প্রদান করেন। অত্র এলাকার সাধারণ মানুষ এই আয়োজনে অংশগ্রহণ করেন এবং উপস্থিত অতিথিবৃন্দ বক্তব্য প্রদান করেন। অত্র এলাকার সাধারণ মানুষ এই আয়োজনে অংশগ্রহণ করেন এবং উপস্থিত অতিথিবৃন্দ বক্তব্য প্রদান করেন। অত্র এলাকার সাধারণ মানুষ এই আয়োজনে অংশগ্রহণ করেন এবং উপস্থিত অতিথিবৃন্দ বক্তব্য প্রদান করেন। অত্র এলাকার সাধারণ মানুষ এই আয়োজনে অংশগ্রহণ করেন এবং উপস্থিত অতিথিবৃন্দ বক্তব্য প্রদান করেন। অত্র এলাকার সাধারণ মানুষ এই আয়োজনে অংশগ্রহণ করেন এবং উপস্থিত অতিথিবৃন্দ বক্তব্য প্রদান করেন। অত্র এলাকার সাধারণ মানুষ এই আয়োজনে অংশগ্রহণ করেন এবং উপস্থিত অতিথিবৃন্দ বক্তব্য প্রদান করেন। অত্র এলাকার সাধারণ মানুষ এই আয়োজনে অংশগ্রহণ করেন এবং উপস্থিত অতিথিবৃন্দ বক্তব্য প্রদান করেন। অত্র এলাকার সাধারণ মানুষ এই আয়োজনে অংশগ্রহণ করেন এবং উপস্থিত অতিথিবৃন্দ বক্তব্য প্রদান করেন। অত্র এলাকার সাধারণ মানুষ এই আয়োজনে অংশগ্রহণ করেন এবং উপস্থিত অতিথিবৃন্দ বক্তব্য প্রদান করেন। অত্র এলাকার সাধারণ মানুষ এই আয়োজনে অংশগ্রহণ করেন এবং উপস্থিত অতিথিবৃন্দ বক্তব্য প্রদান করেন। অত্র এলাকার সাধারণ মানুষ এই আয়োজনে অংশগ্রহণ করেন এবং উপস্থিত অতিথিবৃন্দ বক্তব্য প্রদান করেন। অত্র এলাকার সাধারণ মানুষ এই আয়োজনে অংশগ্রহণ করেন এবং উপস্থিত অতিথিবৃন্দ বক্তব্য প্রদান করেন। অত্র এলাকার সাধারণ মানুষ এই আয়োজনে অংশগ্রহণ করেন এবং উপস্থিত অতিথিবৃন্দ বক্তব্য প্রদান করেন। অত্র এলাকার সাধারণ মানুষ এই আয়োজনে অংশগ্রহণ করেন এবং উপস্থিত অতিথিবৃন্দ বক্তব্য প্রদান করেন। অত্র এলাকার সাধারণ মানুষ এই আয়োজনে অংশগ্রহণ করেন এবং উপস্থিত অতিথিবৃন্দ বক্তব্য প্রদান করেন। অত্র এলাকার সাধারণ মানুষ এই আয়োজনে অংশগ্রহণ করেন এবং উপস্থিত অতিথিবৃন্দ বক্তব্য প্রদান করেন। অত্র এলাকার সাধারণ মানুষ এই আয়োজনে অংশগ্রহণ করেন এবং উপস্থিত অতিথিবৃন্দ বক্তব্য প্রদান করেন।

বকশিশাহ উচ্চ বিদ্যালয়ে

অত্র এলাকার সাধারণ মানুষ এই আয়োজনে অংশগ্রহণ করেন এবং উপস্থিত অতিথিবৃন্দ বক্তব্য প্রদান করেন। অত্র এলাকার সাধারণ মানুষ এই আয়োজনে অংশগ্রহণ করেন এবং উপস্থিত অতিথিবৃন্দ বক্তব্য প্রদান করেন। অত্র এলাকার সাধারণ মানুষ এই আয়োজনে অংশগ্রহণ করেন এবং উপস্থিত অতিথিবৃন্দ বক্তব্য প্রদান করেন। অত্র এলাকার সাধারণ মানুষ এই আয়োজনে অংশগ্রহণ করেন এবং উপস্থিত অতিথিবৃন্দ বক্তব্য প্রদান করেন। অত্র এলাকার সাধারণ মানুষ এই আয়োজনে অংশগ্রহণ করেন এবং উপস্থিত অতিথিবৃন্দ বক্তব্য প্রদান করেন। অত্র এলাকার সাধারণ মানুষ এই আয়োজনে অংশগ্রহণ করেন এবং উপস্থিত অতিথিবৃন্দ বক্তব্য প্রদান করেন। অত্র এলাকার সাধারণ মানুষ এই আয়োজনে অংশগ্রহণ করেন এবং উপস্থিত অতিথিবৃন্দ বক্তব্য প্রদান করেন। অত্র এলাকার সাধারণ মানুষ এই আয়োজনে অংশগ্রহণ করেন এবং উপস্থিত অতিথিবৃন্দ বক্তব্য প্রদান করেন। অত্র এলাকার সাধারণ মানুষ এই আয়োজনে অংশগ্রহণ করেন এবং উপস্থিত অতিথিবৃন্দ বক্তব্য প্রদান করেন। অত্র এলাকার সাধারণ মানুষ এই আয়োজনে অংশগ্রহণ করেন এবং উপস্থিত অতিথিবৃন্দ বক্তব্য প্রদান করেন। অত্র এলাকার সাধারণ মানুষ এই আয়োজনে অংশগ্রহণ করেন এবং উপস্থিত অতিথিবৃন্দ বক্তব্য প্রদান করেন।

১ম পুরস্কার জিতলেন

অত্র এলাকার সাধারণ মানুষ এই আয়োজনে অংশগ্রহণ করেন এবং উপস্থিত অতিথিবৃন্দ বক্তব্য প্রদান করেন। অত্র এলাকার সাধারণ মানুষ এই আয়োজনে অংশগ্রহণ করেন এবং উপস্থিত অতিথিবৃন্দ বক্তব্য প্রদান করেন। অত্র এলাকার সাধারণ মানুষ এই আয়োজনে অংশগ্রহণ করেন এবং উপস্থিত অতিথিবৃন্দ বক্তব্য প্রদান করেন। অত্র এলাকার সাধারণ মানুষ এই আয়োজনে অংশগ্রহণ করেন এবং উপস্থিত অতিথিবৃন্দ বক্তব্য প্রদান করেন। অত্র এলাকার সাধারণ মানুষ এই আয়োজনে অংশগ্রহণ করেন এবং উপস্থিত অতিথিবৃন্দ বক্তব্য প্রদান করেন। অত্র এলাকার সাধারণ মানুষ এই আয়োজনে অংশগ্রহণ করেন এবং উপস্থিত অতিথিবৃন্দ বক্তব্য প্রদান করেন। অত্র এলাকার সাধারণ মানুষ এই আয়োজনে অংশগ্রহণ করেন এবং উপস্থিত অতিথিবৃন্দ বক্তব্য প্রদান করেন। অত্র এলাকার সাধারণ মানুষ এই আয়োজনে অংশগ্রহণ করেন এবং উপস্থিত অতিথিবৃন্দ বক্তব্য প্রদান করেন। অত্র এলাকার সাধারণ মানুষ এই আয়োজনে অংশগ্রহণ করেন এবং উপস্থিত অতিথিবৃন্দ বক্তব্য প্রদান করেন। অত্র এলাকার সাধারণ মানুষ এই আয়োজনে অংশগ্রহণ করেন এবং উপস্থিত অতিথিবৃন্দ বক্তব্য প্রদান করেন। অত্র এলাকার সাধারণ মানুষ এই আয়োজনে অংশগ্রহণ করেন এবং উপস্থিত অতিথিবৃন্দ বক্তব্য প্রদান করেন। অত্র এলাকার সাধারণ মানুষ এই আয়োজনে অংশগ্রহণ করেন এবং উপস্থিত অতিথিবৃন্দ বক্তব্য প্রদান করেন।

ফুলগাজীতে ব্রিজের মুখে

অত্র এলাকার সাধারণ মানুষ এই আয়োজনে অংশগ্রহণ করেন এবং উপস্থিত অতিথিবৃন্দ বক্তব্য প্রদান করেন। অত্র এলাকার সাধারণ মানুষ এই আয়োজনে অংশগ্রহণ করেন এবং উপস্থিত অতিথিবৃন্দ বক্তব্য প্রদান করেন। অত্র এলাকার সাধারণ মানুষ এই আয়োজনে অংশগ্রহণ করেন এবং উপস্থিত অতিথিবৃন্দ বক্তব্য প্রদান করেন। অত্র এলাকার সাধারণ মানুষ এই আয়োজনে অংশগ্রহণ করেন এবং উপস্থিত অতিথিবৃন্দ বক্তব্য প্রদান করেন। অত্র এলাকার সাধারণ মানুষ এই আয়োজনে অংশগ্রহণ করেন এবং উপস্থিত অতিথিবৃন্দ বক্তব্য প্রদান করেন। অত্র এলাকার সাধারণ মানুষ এই আয়োজনে অংশগ্রহণ করেন এবং উপস্থিত অতিথিবৃন্দ বক্তব্য প্রদান করেন। অত্র এলাকার সাধারণ মানুষ এই আয়োজনে অংশগ্রহণ করেন এবং উপস্থিত অতিথিবৃন্দ বক্তব্য প্রদান করেন।

সোনাগাজী কেন্দ্রীয় জামে

অত্র এলাকার সাধারণ মানুষ এই আয়োজনে অংশগ্রহণ করেন এবং উপস্থিত অতিথিবৃন্দ বক্তব্য প্রদান করেন। অত্র এলাকার সাধারণ মানুষ এই আয়োজনে অংশগ্রহণ করেন এবং উপস্থিত অতিথিবৃন্দ বক্তব্য প্রদান করেন। অত্র এলাকার সাধারণ মানুষ এই আয়োজনে অংশগ্রহণ করেন এবং উপস্থিত অতিথিবৃন্দ বক্তব্য প্রদান করেন। অত্র এলাকার সাধারণ মানুষ এই আয়োজনে অংশগ্রহণ করেন এবং উপস্থিত অতিথিবৃন্দ বক্তব্য প্রদান করেন। অত্র এলাকার সাধারণ মানুষ এই আয়োজনে অংশগ্রহণ করেন এবং উপস্থিত অতিথিবৃন্দ বক্তব্য প্রদান করেন। অত্র এলাকার সাধারণ মানুষ এই আয়োজনে অংশগ্রহণ করেন এবং উপস্থিত অতিথিবৃন্দ বক্তব্য প্রদান করেন।

ছিলোনাইয়ে অর্থনৈতিক অঞ্চলে

অত্র এলাকার সাধারণ মানুষ এই আয়োজনে অংশগ্রহণ করেন এবং উপস্থিত অতিথিবৃন্দ বক্তব্য প্রদান করেন। অত্র এলাকার সাধারণ মানুষ এই আয়োজনে অংশগ্রহণ করেন এবং উপস্থিত অতিথিবৃন্দ বক্তব্য প্রদান করেন। অত্র এলাকার সাধারণ মানুষ এই আয়োজনে অংশগ্রহণ করেন এবং উপস্থিত অতিথিবৃন্দ বক্তব্য প্রদান করেন। অত্র এলাকার সাধারণ মানুষ এই আয়োজনে অংশগ্রহণ করেন এবং উপস্থিত অতিথিবৃন্দ বক্তব্য প্রদান করেন। অত্র এলাকার সাধারণ মানুষ এই আয়োজনে অংশগ্রহণ করেন এবং উপস্থিত অতিথিবৃন্দ বক্তব্য প্রদান করেন।

পহেলা বৈশাখের চেতনায়

অত্র এলাকার সাধারণ মানুষ এই আয়োজনে অংশগ্রহণ করেন এবং উপস্থিত অতিথিবৃন্দ বক্তব্য প্রদান করেন। অত্র এলাকার সাধারণ মানুষ এই আয়োজনে অংশগ্রহণ করেন এবং উপস্থিত অতিথিবৃন্দ বক্তব্য প্রদান করেন। অত্র এলাকার সাধারণ মানুষ এই আয়োজনে অংশগ্রহণ করেন এবং উপস্থিত অতিথিবৃন্দ বক্তব্য প্রদান করেন। অত্র এলাকার সাধারণ মানুষ এই আয়োজনে অংশগ্রহণ করেন এবং উপস্থিত অতিথিবৃন্দ বক্তব্য প্রদান করেন। অত্র এলাকার সাধারণ মানুষ এই আয়োজনে অংশগ্রহণ করেন এবং উপস্থিত অতিথিবৃন্দ বক্তব্য প্রদান করেন।

অত্র এলাকার সাধারণ মানুষ এই আয়োজনে অংশগ্রহণ করেন এবং উপস্থিত অতিথিবৃন্দ বক্তব্য প্রদান করেন। অত্র এলাকার সাধারণ মানুষ এই আয়োজনে অংশগ্রহণ করেন এবং উপস্থিত অতিথিবৃন্দ বক্তব্য প্রদান করেন। অত্র এলাকার সাধারণ মানুষ এই আয়োজনে অংশগ্রহণ করেন এবং উপস্থিত অতিথিবৃন্দ বক্তব্য প্রদান করেন। অত্র এলাকার সাধারণ মানুষ এই আয়োজনে অংশগ্রহণ করেন এবং উপস্থিত অতিথিবৃন্দ বক্তব্য প্রদান করেন। অত্র এলাকার সাধারণ মানুষ এই আয়োজনে অংশগ্রহণ করেন এবং উপস্থিত অতিথিবৃন্দ বক্তব্য প্রদান করেন। অত্র এলাকার সাধারণ মানুষ এই আয়োজনে অংশগ্রহণ করেন এবং উপস্থিত অতিথিবৃন্দ বক্তব্য প্রদান করেন। অত্র এলাকার সাধারণ মানুষ এই আয়োজনে অংশগ্রহণ করেন এবং উপস্থিত অতিথিবৃন্দ বক্তব্য প্রদান করেন। অত্র এলাকার সাধারণ মানুষ এই আয়োজনে অংশগ্রহণ করেন এবং উপস্থিত অতিথিবৃন্দ বক্তব্য প্রদান করেন। অত্র এলাকার সাধারণ মানুষ এই আয়োজনে অংশগ্রহণ করেন এবং উপস্থিত অতিথিবৃন্দ বক্তব্য প্রদান করেন। অত্র এলাকার সাধারণ মানুষ এই আয়োজনে অংশগ্রহণ করেন এবং উপস্থিত অতিথিবৃন্দ বক্তব্য প্রদান করেন। অত্র এলাকার সাধারণ মানুষ এই আয়োজনে অংশগ্রহণ করেন এবং উপস্থিত অতিথিবৃন্দ বক্তব্য প্রদান করেন। অত্র এলাকার সাধারণ মানুষ এই আয়োজনে অংশগ্রহণ করেন এবং উপস্থিত অতিথিবৃন্দ বক্তব্য প্রদান করেন। অত্র এলাকার সাধারণ মানুষ এই আয়োজনে অংশগ্রহণ করেন এবং উপস্থিত অতিথিবৃন্দ বক্তব্য প্রদান করেন। অত্র এলাকার সাধারণ মানুষ এই আয়োজনে অংশগ্রহণ করেন এবং উপস্থিত অতিথিবৃন্দ বক্তব্য প্রদান করেন। অত্র এলাকার সাধারণ মানুষ এই আয়োজনে অংশগ্রহণ করেন এবং উপস্থিত অতিথিবৃন্দ বক্তব্য প্রদান করেন। অত্র এলাকার সাধারণ মানুষ এই আয়োজনে অংশগ্রহণ করেন এবং উপস্থিত অতিথিবৃন্দ বক্তব্য প্রদান করেন। অত্র এলাকার সাধারণ মানুষ এই আয়োজনে অংশগ্রহণ করেন এবং উপস্থিত অতিথিবৃন্দ বক্তব্য প্রদান করেন। অত্র এলাকার সাধারণ মানুষ এই আয়োজনে অংশগ্রহণ করেন এবং উপস্থিত অতিথিবৃন্দ বক্তব্য প্রদান করেন। অত্র এলাকার সাধারণ মানুষ এই আয়োজনে অংশগ্রহণ করেন এবং উপস্থিত অতিথিবৃন্দ বক্তব্য প্রদান করেন। অত্র এলাকার সাধারণ মানুষ এই আয়োজনে অংশগ্রহণ করেন এবং উপস্থিত অতিথিবৃন্দ বক্তব্য প্রদান করেন। অত্র এলাকার সাধারণ মানুষ এই আয়োজনে অংশগ্রহণ করেন এবং উপস্থিত অতিথিবৃন্দ বক্তব্য প্রদান করেন। অত্র এলাকার সাধারণ মানুষ এই আয়োজনে অংশগ্রহণ করেন এবং উপস্থিত অতিথিবৃন্দ বক্তব্য প্রদান করেন। অত্র এলাকার সাধারণ মানুষ এই আয়োজনে অংশগ্রহণ করেন এবং উপস্থিত অতিথিবৃন্দ বক্তব্য প্রদান করেন। অত্র এলাকার সাধারণ মানুষ এই আয়োজনে অংশগ্রহণ করেন এবং উপস্থিত অতিথিবৃন্দ বক্তব্য প্রদান করেন। অত্র এলাকার সাধারণ মানুষ এই আয়োজনে অংশগ্রহণ করেন এবং উপস্থিত অতিথিবৃন্দ বক্তব্য প্রদান করেন। অত্র এলাকার সাধারণ মানুষ এই আয়োজনে অংশগ্রহণ করেন এবং উপস্থিত অতিথিবৃন্দ বক্তব্য প্রদান করেন। অত্র এলাকার সাধারণ মানুষ এই আয়োজনে অংশগ্রহণ করেন এবং উপস্থিত অতিথিবৃন্দ বক্তব্য প্রদান করেন। অত্র এলাকার সাধারণ মানুষ এই আয়োজনে অংশগ্রহণ করেন এবং উপস্থিত অতিথিবৃন্দ বক্তব্য প্রদান করেন। অত্র এলাকার সাধারণ মানুষ এই আয়োজনে অংশগ্রহণ করেন এবং উপস্থিত অতিথিবৃন্দ বক্তব্য প্রদান করেন। অত্র এলাকার সাধারণ মানুষ এই আয়োজনে অংশগ্রহণ করেন এবং উপস্থিত অতিথিবৃন্দ বক্তব্য প্রদান করেন। অত্র এলাকার সাধারণ মানুষ এই আয়োজনে অংশগ্রহণ করেন এবং উপস্থিত অতিথিবৃন্দ বক্তব্য প্রদান করেন। অত্র এলাকার সাধারণ মানুষ এই আয়োজনে অংশগ্রহণ করেন এবং উপস্থিত অতিথিবৃন্দ বক্তব্য প্রদান করেন। অত্র এলাকার সাধারণ মানুষ এই আয়োজনে অংশগ্রহণ করেন এবং উপস্থিত অতিথিবৃন্দ বক্তব্য প্রদান করেন। অত্র এলাকার সাধারণ মানুষ এই আয়োজনে অংশগ্রহণ করেন এবং উপস্থিত অতিথিবৃন্দ বক্তব্য প্রদান করেন। অত্র এলাকার সাধারণ মানুষ এই আয়োজনে অংশগ্রহণ করেন এবং উপস্থিত অতিথিবৃন্দ বক্তব্য প্রদান করেন। অত্র এলাকার সাধারণ মানুষ এই আয়োজনে অংশগ্রহণ করেন এবং উপস্থিত অতিথিবৃন্দ বক্তব্য প্রদান করেন। অত্র এলাকার সাধারণ মানুষ এই আয়োজনে অংশগ্রহণ করেন এবং উপস্থিত অতিথিবৃন্দ বক্তব্য প্রদান করেন। অত্র এলাকার সাধারণ মানুষ এই আয়োজনে অংশগ্রহণ করেন এবং উপস্থিত অতিথিবৃন্দ বক্তব্য প্রদান করেন। অত্র এলাকার সাধারণ মানুষ এই আয়োজনে অংশগ্রহণ করেন এবং উপস্থিত অতিথিবৃন্দ বক্তব্য প্রদান করেন। অত্র এলাকার সাধারণ মানুষ এই আয়োজনে অংশগ্রহণ করেন এবং উপস্থিত অতিথিবৃন্দ বক্তব্য প্রদান করেন। অত্র এলাকার সাধারণ মানুষ এই আয়োজনে অংশগ্রহণ করেন এবং উপস্থিত অতিথিবৃন্দ বক্তব্য প্রদান করেন। অত্র এলাকার সাধারণ মানুষ এই আয়োজনে অংশগ্রহণ করেন এবং উপস্থিত অতিথিবৃন্দ বক্তব্য প্রদান করেন।

এফিডেভিট

আমার পিতার নামের অক্ষরের সংশোধন আমার নাম MD MOMIN-UL HOQUE BHUIYAN ও আমার পিতার নাম MD KABIRUL HOQUE BHUIYAN এবং মাতার নাম MST. LAYLA HOQUE এর জন্ম তারিখ 02 APR 1989 পাসপোর্ট নং ও আমার জন্ম নিবন্ধন সনদে আমার নাম MD MOMINUL HAQ BHUIYAN ও মাতার নাম MST. LAYLA HOQUE সঠিক নামের বিষয়ে নোটারী পাবলিক এর মাধ্যমে হলফনামা সম্পাদন করিলাম।

MD MOMINUL HOQUE BHUIYAN
এফিডেভিট

নিবন্ধিত মোটর যান ৩ চাকার নাম্বার চট্টগ্রাম মেট্রো-ড-৩১-০০৫১ এর এটি বর্তমানে গাড়ির ধরন TANKER (RIGID) TATA 1612, FUEL: DIESEL এর সকল জানাচ্ছি যে গাড়ির শ্রেণি পরিবর্তন করা হয়েছে।

সর্বসাধারণের অবগতির জন্য প্রকাশিত।
বহুমুখী সম্পত্তি নিলাম বিজ্ঞপ্তি
আল-আরাফাহ্‌ ইসলামী ব্যাংক লিমিটেড
১	জমি ও দালান — মৌজা ফেনী সদর	৫০,০০০
২	জমি — মৌজা দাগনভূঞা	৩৫,০০০
৩	দোকান ঘর — মৌজা সোনাগাজী	২০,০০০

অত্র এলাকার সাধারণ মানুষ এই আয়োজনে অংশগ্রহণ করেন এবং উপস্থিত অতিথিবৃন্দ বক্তব্য প্রদান করেন। অত্র এলাকার সাধারণ মানুষ এই আয়োজনে অংশগ্রহণ করেন এবং উপস্থিত অতিথিবৃন্দ বক্তব্য প্রদান করেন। অত্র এলাকার সাধারণ মানুষ এই আয়োজনে অংশগ্রহণ করেন এবং উপস্থিত অতিথিবৃন্দ বক্তব্য প্রদান করেন। অত্র এলাকার সাধারণ মানুষ এই আয়োজনে অংশগ্রহণ করেন এবং উপস্থিত অতিথিবৃন্দ বক্তব্য প্রদান করেন। অত্র এলাকার সাধারণ মানুষ এই আয়োজনে অংশগ্রহণ করেন এবং উপস্থিত অতিথিবৃন্দ বক্তব্য প্রদান করেন। অত্র এলাকার সাধারণ মানুষ এই আয়োজনে অংশগ্রহণ করেন এবং উপস্থিত অতিথিবৃন্দ বক্তব্য প্রদান করেন। অত্র এলাকার সাধারণ মানুষ এই আয়োজনে অংশগ্রহণ করেন এবং উপস্থিত অতিথিবৃন্দ বক্তব্য প্রদান করেন। অত্র এলাকার সাধারণ মানুষ এই আয়োজনে অংশগ্রহণ করেন এবং উপস্থিত অতিথিবৃন্দ বক্তব্য প্রদান করেন। অত্র এলাকার সাধারণ মানুষ এই আয়োজনে অংশগ্রহণ করেন এবং উপস্থিত অতিথিবৃন্দ বক্তব্য প্রদান করেন। অত্র এলাকার সাধারণ মানুষ এই আয়োজনে অংশগ্রহণ করেন এবং উপস্থিত অতিথিবৃন্দ বক্তব্য প্রদান করেন। অত্র এলাকার সাধারণ মানুষ এই আয়োজনে অংশগ্রহণ করেন এবং উপস্থিত অতিথিবৃন্দ বক্তব্য প্রদান করেন। অত্র এলাকার সাধারণ মানুষ এই আয়োজনে অংশগ্রহণ করেন এবং উপস্থিত অতিথিবৃন্দ বক্তব্য প্রদান করেন। অত্র এলাকার সাধারণ মানুষ এই আয়োজনে অংশগ্রহণ করেন এবং উপস্থিত অতিথিবৃন্দ বক্তব্য প্রদান করেন। অত্র এলাকার সাধারণ মানুষ এই আয়োজনে অংশগ্রহণ করেন এবং উপস্থিত অতিথিবৃন্দ বক্তব্য প্রদান করেন। অত্র এলাকার সাধারণ মানুষ এই আয়োজনে অংশগ্রহণ করেন এবং উপস্থিত অতিথিবৃন্দ বক্তব্য প্রদান করেন। অত্র এলাকার সাধারণ মানুষ এই আয়োজনে অংশগ্রহণ করেন এবং উপস্থিত অতিথিবৃন্দ বক্তব্য প্রদান করেন। অত্র এলাকার সাধারণ মানুষ এই আয়োজনে অংশগ্রহণ করেন এবং উপস্থিত অতিথিবৃন্দ বক্তব্য প্রদান করেন। অত্র এলাকার সাধারণ মানুষ এই আয়োজনে অংশগ্রহণ করেন এবং উপস্থিত অতিথিবৃন্দ বক্তব্য প্রদান করেন। অত্র এলাকার সাধারণ মানুষ এই আয়োজনে অংশগ্রহণ করেন এবং উপস্থিত অতিথিবৃন্দ বক্তব্য প্রদান করেন। অত্র এলাকার সাধারণ মানুষ এই আয়োজনে অংশগ্রহণ করেন এবং উপস্থিত অতিথিবৃন্দ বক্তব্য প্রদান করেন। অত্র এলাকার সাধারণ মানুষ এই আয়োজনে অংশগ্রহণ করেন এবং উপস্থিত অতিথিবৃন্দ বক্তব্য প্রদান করেন। অত্র এলাকার সাধারণ মানুষ এই আয়োজনে অংশগ্রহণ করেন এবং উপস্থিত অতিথিবৃন্দ বক্তব্য প্রদান করেন। অত্র এলাকার সাধারণ মানুষ এই আয়োজনে অংশগ্রহণ করেন এবং উপস্থিত অতিথিবৃন্দ বক্তব্য প্রদান করেন। অত্র এলাকার সাধারণ মানুষ এই আয়োজনে অংশগ্রহণ করেন এবং উপস্থিত অতিথিবৃন্দ বক্তব্য প্রদান করেন। অত্র এলাকার সাধারণ মানুষ এই আয়োজনে অংশগ্রহণ করেন এবং উপস্থিত অতিথিবৃন্দ বক্তব্য প্রদান করেন। অত্র এলাকার সাধারণ মানুষ এই আয়োজনে অংশগ্রহণ করেন এবং উপস্থিত অতিথিবৃন্দ বক্তব্য প্রদান করেন। অত্র এলাকার সাধারণ মানুষ এই আয়োজনে অংশগ্রহণ করেন এবং উপস্থিত অতিথিবৃন্দ বক্তব্য প্রদান করেন। অত্র এলাকার সাধারণ মানুষ এই আয়োজনে অংশগ্রহণ করেন এবং উপস্থিত অতিথিবৃন্দ বক্তব্য প্রদান করেন। অত্র এলাকার সাধারণ মানুষ এই আয়োজনে অংশগ্রহণ করেন এবং উপস্থিত অতিথিবৃন্দ বক্তব্য প্রদান করেন। অত্র এলাকার সাধারণ মানুষ এই আয়োজনে অংশগ্রহণ করেন এবং উপস্থিত অতিথিবৃন্দ বক্তব্য প্রদান করেন।

শাখা প্রধান
